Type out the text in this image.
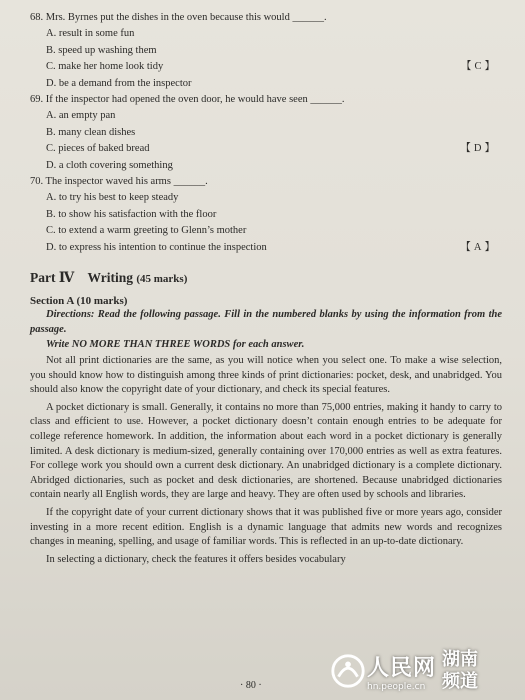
68. Mrs. Byrnes put the dishes in the oven because this would ______.

A. result in some fun

B. speed up washing them

C. make her home look tidy	【C】

D. be a demand from the inspector

69. If the inspector had opened the oven door, he would have seen ______.

A. an empty pan

B. many clean dishes

C. pieces of baked bread	【D】

D. a cloth covering something

70. The inspector waved his arms ______.

A. to try his best to keep steady

B. to show his satisfaction with the floor

C. to extend a warm greeting to Glenn’s mother

D. to express his intention to continue the inspection	【A】

Part Ⅳ Writing (45 marks)
Section A (10 marks)

Directions: Read the following passage. Fill in the numbered blanks by using the information from the passage.

Write NO MORE THAN THREE WORDS for each answer.

Not all print dictionaries are the same, as you will notice when you select one. To make a wise selection, you should know how to distinguish among three kinds of print dictionaries: pocket, desk, and unabridged. You should also know the copyright date of your dictionary, and check its special features.

A pocket dictionary is small. Generally, it contains no more than 75,000 entries, making it handy to carry to class and efficient to use. However, a pocket dictionary doesn’t contain enough entries to be adequate for college reference homework. In addition, the information about each word in a pocket dictionary is generally limited. A desk dictionary is medium-sized, generally containing over 170,000 entries as well as extra features. For college work you should own a current desk dictionary. An unabridged dictionary is a complete dictionary. Abridged dictionaries, such as pocket and desk dictionaries, are shortened. Because unabridged dictionaries contain nearly all English words, they are large and heavy. They are often used by schools and libraries.

If the copyright date of your current dictionary shows that it was published five or more years ago, consider investing in a more recent edition. English is a dynamic language that admits new words and recognizes changes in meaning, spelling, and usage of familiar words. This is reflected in an up-to-date dictionary.

In selecting a dictionary, check the features it offers besides vocabulary

· 80 ·
人民网
hn.people.cn
湖南
频道
